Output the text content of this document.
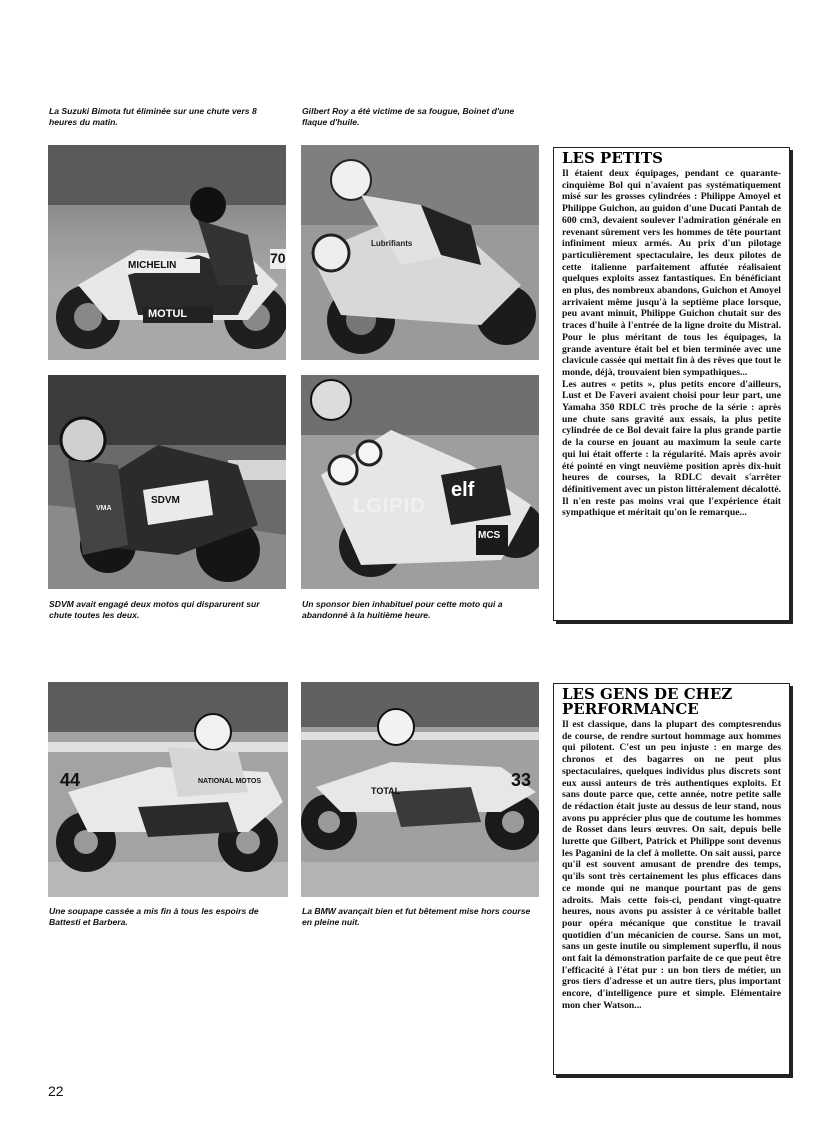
La Suzuki Bimota fut éliminée sur une chute vers 8 heures du matin.
Gilbert Roy a été victime de sa fougue, Boinet d'une flaque d'huile.
MICHELIN
MOTUL
70
Lubrifiants
SDVM
VMA
elf
MCS
LGIPID
SDVM avait engagé deux motos qui disparurent sur chute toutes les deux.
Un sponsor bien inhabituel pour cette moto qui a abandonné à la huitième heure.
44	NATIONAL MOTOS	33
TOTAL
Une soupape cassée a mis fin à tous les espoirs de Battesti et Barbera.
La BMW avançait bien et fut bêtement mise hors course en pleine nuit.
LES PETITS

Il étaient deux équipages, pendant ce quarante-cinquième Bol qui n'avaient pas systématiquement misé sur les grosses cylindrées : Philippe Amoyel et Philippe Guichon, au guidon d'une Ducati Pantah de 600 cm3, devaient soulever l'admiration générale en revenant sûrement vers les hommes de tête pourtant infiniment mieux armés. Au prix d'un pilotage particulièrement spectaculaire, les deux pilotes de cette italienne parfaitement affutée réalisaient quelques exploits assez fantastiques. En bénéficiant en plus, des nombreux abandons, Guichon et Amoyel arrivaient même jusqu'à la septième place lorsque, peu avant minuit, Philippe Guichon chutait sur des traces d'huile à l'entrée de la ligne droite du Mistral. Pour le plus méritant de tous les équipages, la grande aventure était bel et bien terminée avec une clavicule cassée qui mettait fin à des rêves que tout le monde, déjà, trouvaient bien sympathiques...

Les autres « petits », plus petits encore d'ailleurs, Lust et De Faveri avaient choisi pour leur part, une Yamaha 350 RDLC très proche de la série : après une chute sans gravité aux essais, la plus petite cylindrée de ce Bol devait faire la plus grande partie de la course en jouant au maximum la seule carte qui lui était offerte : la régularité. Mais après avoir été pointé en vingt neuvième position après dix-huit heures de courses, la RDLC devait s'arrêter définitivement avec un piston littéralement décalotté. Il n'en reste pas moins vrai que l'expérience était sympathique et méritait qu'on le remarque...

LES GENS DE CHEZ PERFORMANCE

Il est classique, dans la plupart des comptesrendus de course, de rendre surtout hommage aux hommes qui pilotent. C'est un peu injuste : en marge des chronos et des bagarres on ne peut plus spectaculaires, quelques individus plus discrets sont eux aussi auteurs de très authentiques exploits. Et sans doute parce que, cette année, notre petite salle de rédaction était juste au dessus de leur stand, nous avons pu apprécier plus que de coutume les hommes de Rosset dans leurs œuvres. On sait, depuis belle lurette que Gilbert, Patrick et Philippe sont devenus les Paganini de la clef à mollette. On sait aussi, parce qu'il est souvent amusant de prendre des temps, qu'ils sont très certainement les plus efficaces dans ce monde qui ne manque pourtant pas de gens adroits. Mais cette fois-ci, pendant vingt-quatre heures, nous avons pu assister à ce véritable ballet pour opéra mécanique que constitue le travail quotidien d'un mécanicien de course. Sans un mot, sans un geste inutile ou simplement superflu, il nous ont fait la démonstration parfaite de ce que peut être l'efficacité à l'état pur : un bon tiers de métier, un gros tiers d'adresse et un autre tiers, plus important encore, d'intelligence pure et simple. Elémentaire mon cher Watson...

22
